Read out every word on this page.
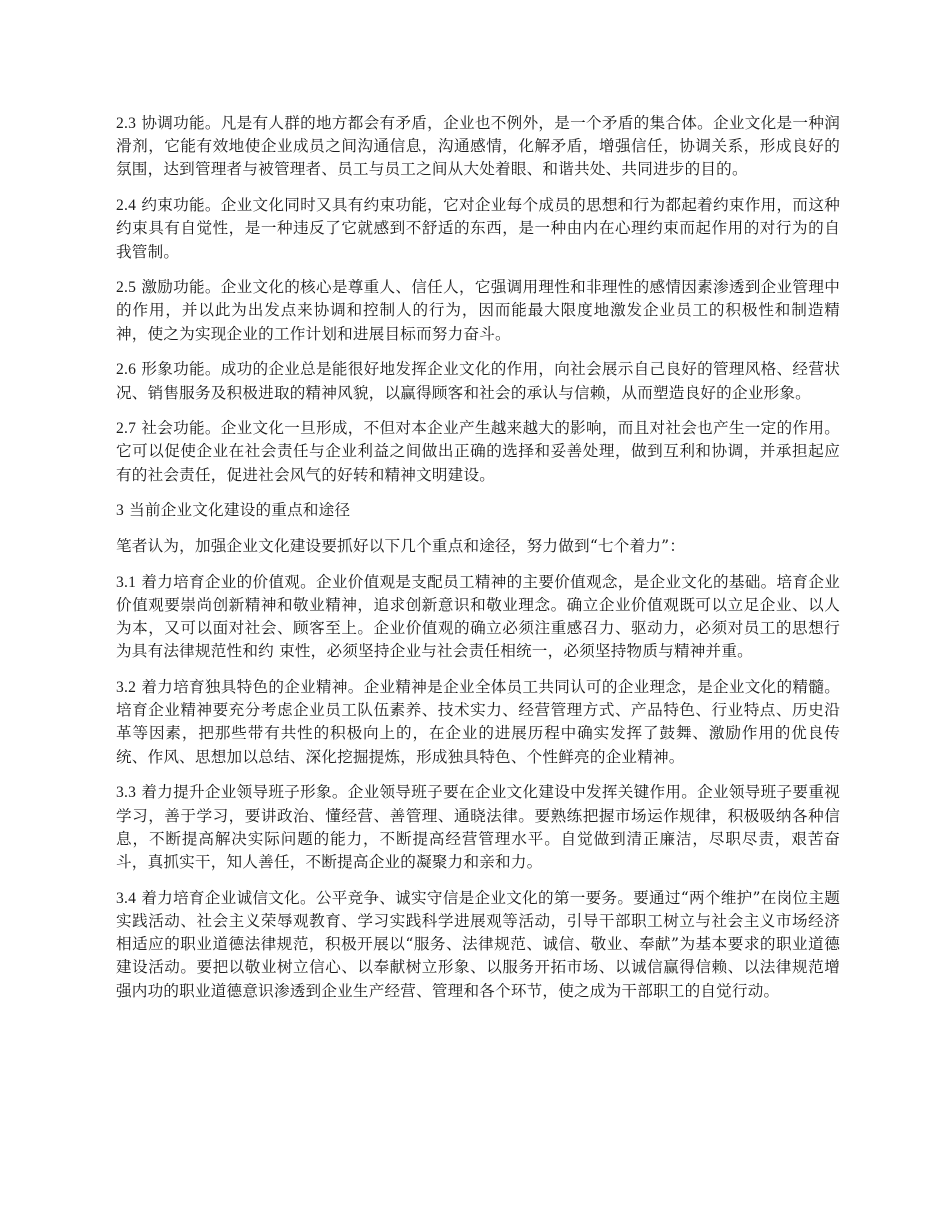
2.3 协调功能。凡是有人群的地方都会有矛盾，企业也不例外，是一个矛盾的集合体。企业文化是一种润滑剂，它能有效地使企业成员之间沟通信息，沟通感情，化解矛盾，增强信任，协调关系，形成良好的氛围，达到管理者与被管理者、员工与员工之间从大处着眼、和谐共处、共同进步的目的。

2.4 约束功能。企业文化同时又具有约束功能，它对企业每个成员的思想和行为都起着约束作用，而这种约束具有自觉性，是一种违反了它就感到不舒适的东西，是一种由内在心理约束而起作用的对行为的自我管制。

2.5 激励功能。企业文化的核心是尊重人、信任人，它强调用理性和非理性的感情因素渗透到企业管理中的作用，并以此为出发点来协调和控制人的行为，因而能最大限度地激发企业员工的积极性和制造精神，使之为实现企业的工作计划和进展目标而努力奋斗。

2.6 形象功能。成功的企业总是能很好地发挥企业文化的作用，向社会展示自己良好的管理风格、经营状况、销售服务及积极进取的精神风貌，以赢得顾客和社会的承认与信赖，从而塑造良好的企业形象。

2.7 社会功能。企业文化一旦形成，不但对本企业产生越来越大的影响，而且对社会也产生一定的作用。它可以促使企业在社会责任与企业利益之间做出正确的选择和妥善处理，做到互利和协调，并承担起应有的社会责任，促进社会风气的好转和精神文明建设。

3 当前企业文化建设的重点和途径

笔者认为，加强企业文化建设要抓好以下几个重点和途径，努力做到“七个着力”：

3.1 着力培育企业的价值观。企业价值观是支配员工精神的主要价值观念，是企业文化的基础。培育企业价值观要崇尚创新精神和敬业精神，追求创新意识和敬业理念。确立企业价值观既可以立足企业、以人为本，又可以面对社会、顾客至上。企业价值观的确立必须注重感召力、驱动力，必须对员工的思想行为具有法律规范性和约 束性，必须坚持企业与社会责任相统一，必须坚持物质与精神并重。

3.2 着力培育独具特色的企业精神。企业精神是企业全体员工共同认可的企业理念，是企业文化的精髓。培育企业精神要充分考虑企业员工队伍素养、技术实力、经营管理方式、产品特色、行业特点、历史沿革等因素，把那些带有共性的积极向上的，在企业的进展历程中确实发挥了鼓舞、激励作用的优良传统、作风、思想加以总结、深化挖掘提炼，形成独具特色、个性鲜亮的企业精神。

3.3 着力提升企业领导班子形象。企业领导班子要在企业文化建设中发挥关键作用。企业领导班子要重视学习，善于学习，要讲政治、懂经营、善管理、通晓法律。要熟练把握市场运作规律，积极吸纳各种信息，不断提高解决实际问题的能力，不断提高经营管理水平。自觉做到清正廉洁，尽职尽责，艰苦奋斗，真抓实干，知人善任，不断提高企业的凝聚力和亲和力。

3.4 着力培育企业诚信文化。公平竞争、诚实守信是企业文化的第一要务。要通过“两个维护”在岗位主题实践活动、社会主义荣辱观教育、学习实践科学进展观等活动，引导干部职工树立与社会主义市场经济相适应的职业道德法律规范，积极开展以“服务、法律规范、诚信、敬业、奉献”为基本要求的职业道德建设活动。要把以敬业树立信心、以奉献树立形象、以服务开拓市场、以诚信赢得信赖、以法律规范增强内功的职业道德意识渗透到企业生产经营、管理和各个环节，使之成为干部职工的自觉行动。
